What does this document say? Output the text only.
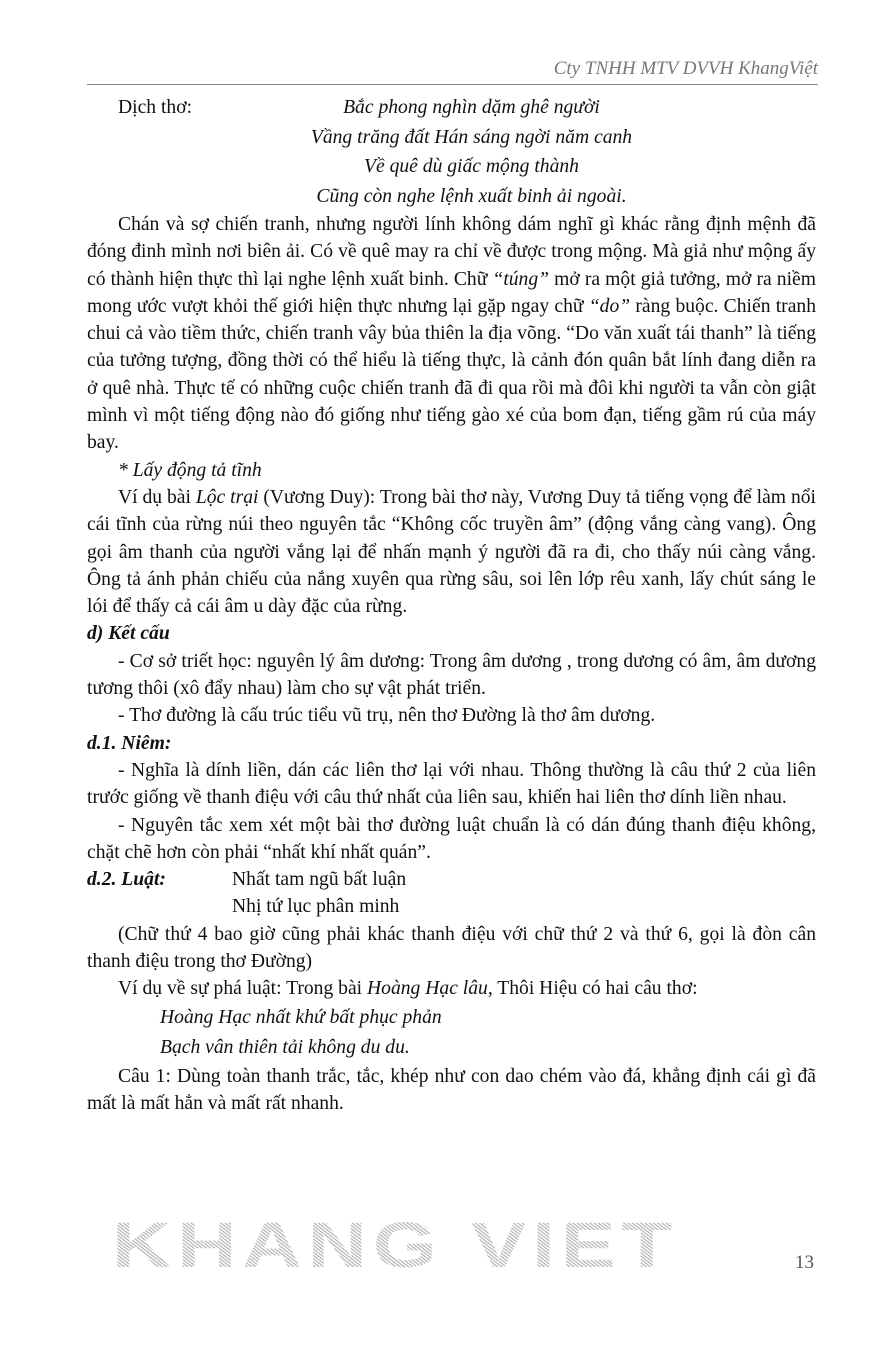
Cty TNHH MTV DVVH KhangViệt
Dịch thơ:	Bắc phong nghìn dặm ghê người
Vầng trăng đất Hán sáng ngời năm canh
Về quê dù giấc mộng thành
Cũng còn nghe lệnh xuất binh ải ngoài.

Chán và sợ chiến tranh, nhưng người lính không dám nghĩ gì khác rằng định mệnh đã đóng đinh mình nơi biên ải. Có về quê may ra chỉ về được trong mộng. Mà giả như mộng ấy có thành hiện thực thì lại nghe lệnh xuất binh. Chữ “túng” mở ra một giả tưởng, mở ra niềm mong ước vượt khỏi thế giới hiện thực nhưng lại gặp ngay chữ “do” ràng buộc. Chiến tranh chui cả vào tiềm thức, chiến tranh vây bủa thiên la địa võng. “Do văn xuất tái thanh” là tiếng của tưởng tượng, đồng thời có thể hiểu là tiếng thực, là cảnh đón quân bắt lính đang diễn ra ở quê nhà. Thực tế có những cuộc chiến tranh đã đi qua rồi mà đôi khi người ta vẫn còn giật mình vì một tiếng động nào đó giống như tiếng gào xé của bom đạn, tiếng gầm rú của máy bay.

* Lấy động tả tĩnh

Ví dụ bài Lộc trại (Vương Duy): Trong bài thơ này, Vương Duy tả tiếng vọng để làm nổi cái tĩnh của rừng núi theo nguyên tắc “Không cốc truyền âm” (động vắng càng vang). Ông gọi âm thanh của người vắng lại để nhấn mạnh ý người đã ra đi, cho thấy núi càng vắng. Ông tả ánh phản chiếu của nắng xuyên qua rừng sâu, soi lên lớp rêu xanh, lấy chút sáng le lói để thấy cả cái âm u dày đặc của rừng.

d) Kết cấu

- Cơ sở triết học: nguyên lý âm dương: Trong âm dương , trong dương có âm, âm dương tương thôi (xô đẩy nhau) làm cho sự vật phát triển.

- Thơ đường là cấu trúc tiểu vũ trụ, nên thơ Đường là thơ âm dương.

d.1. Niêm:

- Nghĩa là dính liền, dán các liên thơ lại với nhau. Thông thường là câu thứ 2 của liên trước giống về thanh điệu với câu thứ nhất của liên sau, khiến hai liên thơ dính liền nhau.

- Nguyên tắc xem xét một bài thơ đường luật chuẩn là có dán đúng thanh điệu không, chặt chẽ hơn còn phải “nhất khí nhất quán”.

d.2. Luật:	Nhất tam ngũ bất luận
Nhị tứ lục phân minh

(Chữ thứ 4 bao giờ cũng phải khác thanh điệu với chữ thứ 2 và thứ 6, gọi là đòn cân thanh điệu trong thơ Đường)

Ví dụ về sự phá luật: Trong bài Hoàng Hạc lâu, Thôi Hiệu có hai câu thơ:

Hoàng Hạc nhất khứ bất phục phản
Bạch vân thiên tải không du du.

Câu 1: Dùng toàn thanh trắc, tắc, khép như con dao chém vào đá, khẳng định cái gì đã mất là mất hẳn và mất rất nhanh.

KHANG VIET	13
